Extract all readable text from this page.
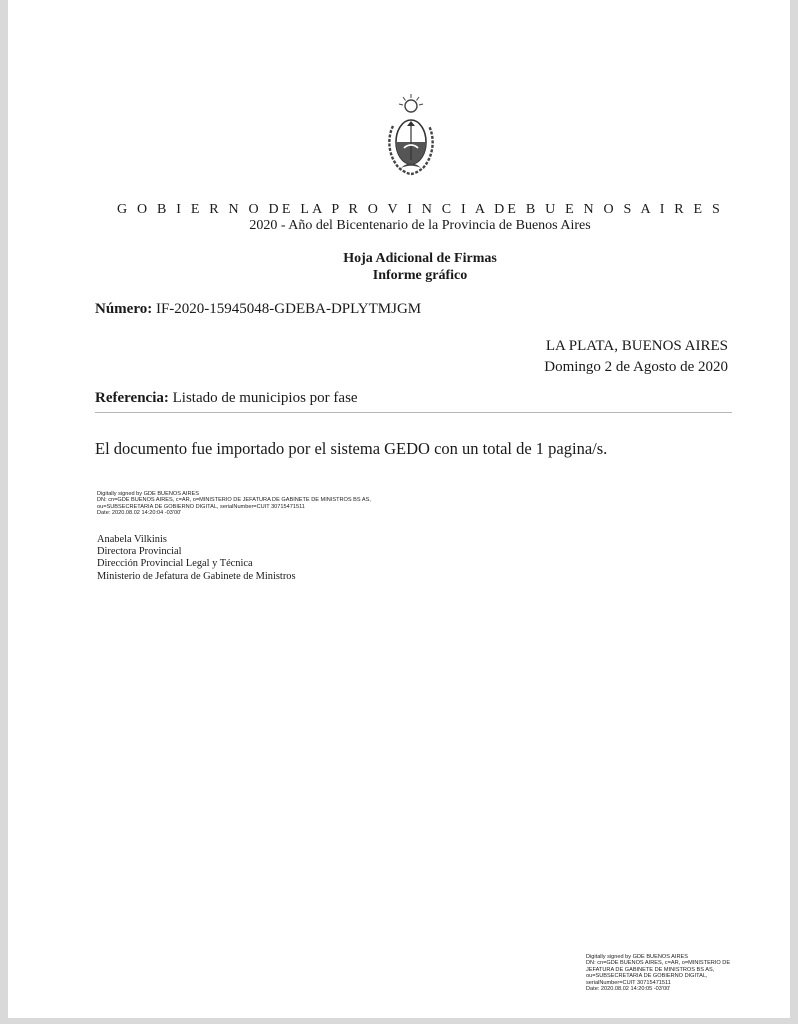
G O B I E R N O DE LA P R O V I N C I A DE B U E N O S A I R E S
2020 - Año del Bicentenario de la Provincia de Buenos Aires
Hoja Adicional de Firmas
Informe gráfico
Número: IF-2020-15945048-GDEBA-DPLYTMJGM
LA PLATA, BUENOS AIRES
Domingo 2 de Agosto de 2020
Referencia: Listado de municipios por fase
El documento fue importado por el sistema GEDO con un total de 1 pagina/s.
Digitally signed by GDE BUENOS AIRES
DN: cn=GDE BUENOS AIRES, c=AR, o=MINISTERIO DE JEFATURA DE GABINETE DE MINISTROS BS AS,
ou=SUBSECRETARIA DE GOBIERNO DIGITAL, serialNumber=CUIT 30715471511
Date: 2020.08.02 14:20:04 -03'00'
Anabela Vilkinis
Directora Provincial
Dirección Provincial Legal y Técnica
Ministerio de Jefatura de Gabinete de Ministros
Digitally signed by GDE BUENOS AIRES
DN: cn=GDE BUENOS AIRES, c=AR, o=MINISTERIO DE
JEFATURA DE GABINETE DE MINISTROS BS AS,
ou=SUBSECRETARIA DE GOBIERNO DIGITAL,
serialNumber=CUIT 30715471511
Date: 2020.08.02 14:20:05 -03'00'
